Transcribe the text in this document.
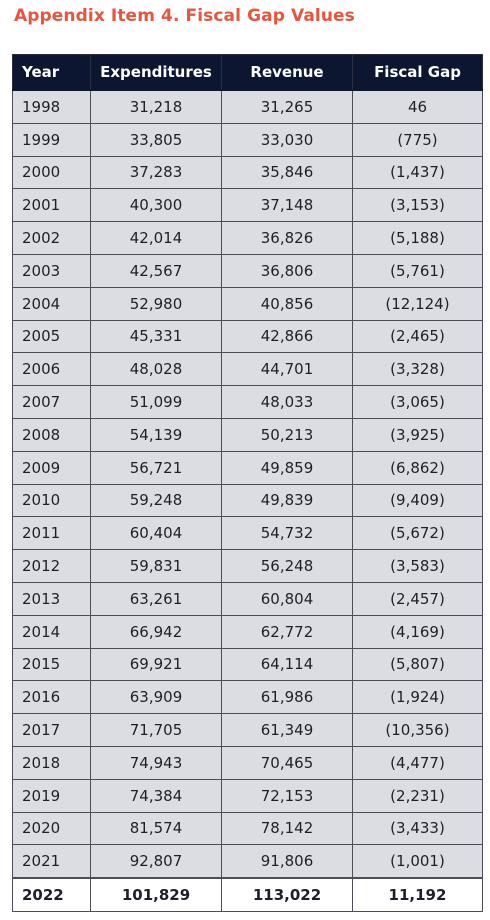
Appendix Item 4. Fiscal Gap Values
Year	Expenditures	Revenue	Fiscal Gap
1998	31,218	31,265	46
1999	33,805	33,030	(775)
2000	37,283	35,846	(1,437)
2001	40,300	37,148	(3,153)
2002	42,014	36,826	(5,188)
2003	42,567	36,806	(5,761)
2004	52,980	40,856	(12,124)
2005	45,331	42,866	(2,465)
2006	48,028	44,701	(3,328)
2007	51,099	48,033	(3,065)
2008	54,139	50,213	(3,925)
2009	56,721	49,859	(6,862)
2010	59,248	49,839	(9,409)
2011	60,404	54,732	(5,672)
2012	59,831	56,248	(3,583)
2013	63,261	60,804	(2,457)
2014	66,942	62,772	(4,169)
2015	69,921	64,114	(5,807)
2016	63,909	61,986	(1,924)
2017	71,705	61,349	(10,356)
2018	74,943	70,465	(4,477)
2019	74,384	72,153	(2,231)
2020	81,574	78,142	(3,433)
2021	92,807	91,806	(1,001)
2022	101,829	113,022	11,192
